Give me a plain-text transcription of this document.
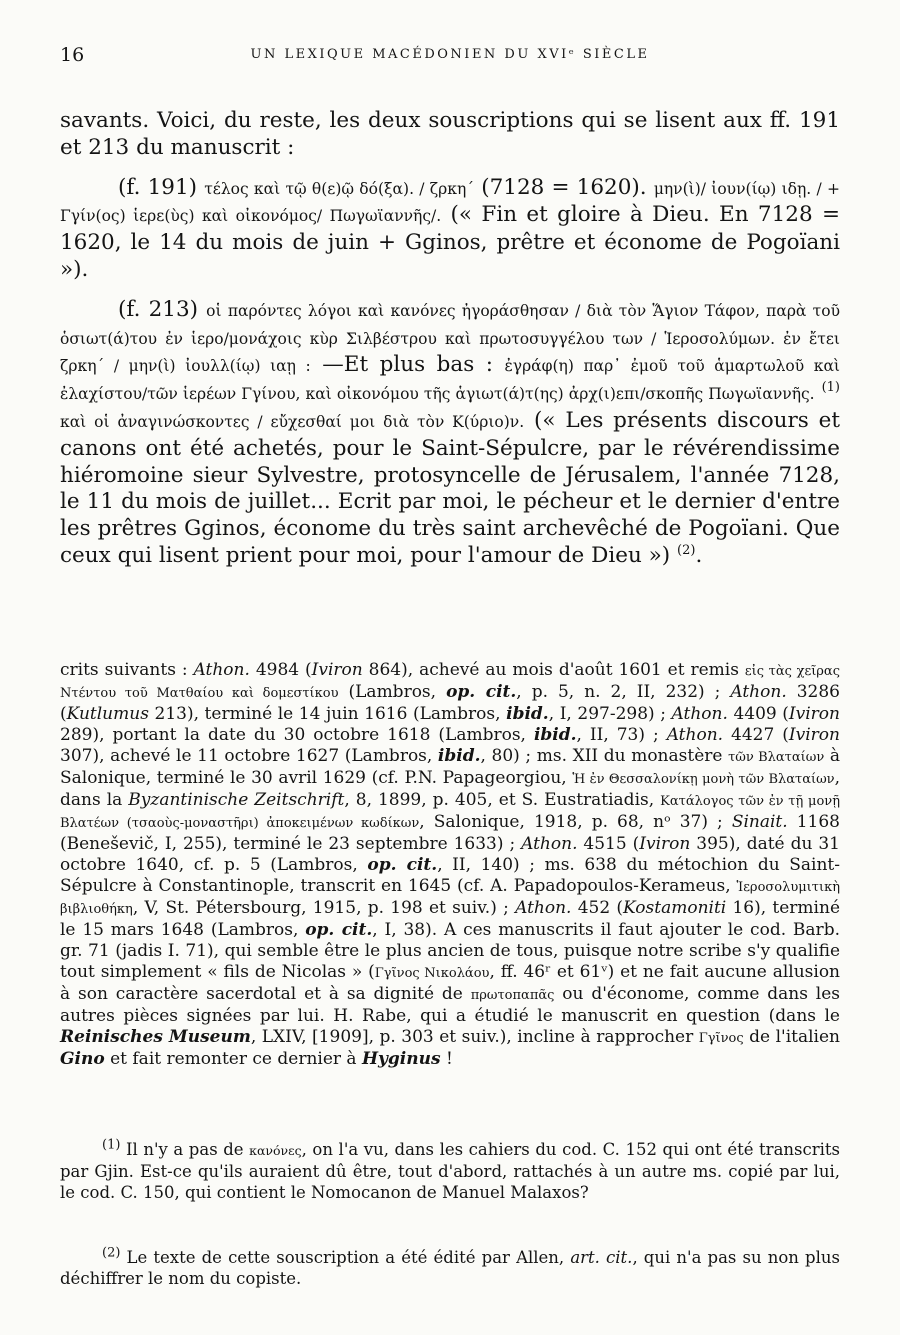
16	UN LEXIQUE MACÉDONIEN DU XVIᵉ SIÈCLE

savants. Voici, du reste, les deux souscriptions qui se lisent aux ff. 191 et 213 du manuscrit :

(f. 191) τέλος καὶ τῷ θ(ε)ῷ δό(ξα). / ζρκη΄ (7128 = 1620). μην(ὶ)/ ἰουν(ίῳ) ιδῃ. / + Γγίν(ος) ἱερε(ὺς) καὶ οἰκονόμος/ Πωγωϊαννῆς/. (« Fin et gloire à Dieu. En 7128 = 1620, le 14 du mois de juin + Gginos, prêtre et économe de Pogoïani »).

(f. 213) οἱ παρόντες λόγοι καὶ κανόνες ἠγοράσθησαν / διὰ τὸν Ἅγιον Τάφον, παρὰ τοῦ ὁσιωτ(ά)του ἐν ἱερο/μονάχοις κὺρ Σιλβέστρου καὶ πρωτοσυγγέλου των / Ἱεροσολύμων. ἐν ἔτει ζρκη΄ / μην(ὶ) ἰουλλ(ίῳ) ιαῃ : —Et plus bas : ἐγράφ(η) παρ᾽ ἐμοῦ τοῦ ἁμαρτωλοῦ καὶ ἐλαχίστου/τῶν ἱερέων Γγίνου, καὶ οἰκονόμου τῆς ἁγιωτ(ά)τ(ης) ἀρχ(ι)επι/σκοπῆς Πωγωϊαννῆς. $^{(1)}$ καὶ οἱ ἀναγινώσκοντες / εὔχεσθαί μοι διὰ τὸν Κ(ύριο)ν. (« Les présents discours et canons ont été achetés, pour le Saint-Sépulcre, par le révérendissime hiéromoine sieur Sylvestre, protosyncelle de Jérusalem, l'année 7128, le 11 du mois de juillet... Ecrit par moi, le pécheur et le dernier d'entre les prêtres Gginos, économe du très saint archevêché de Pogoïani. Que ceux qui lisent prient pour moi, pour l'amour de Dieu ») $^{(2)}$.

crits suivants : Athon. 4984 (Iviron 864), achevé au mois d'août 1601 et remis εἰς τὰς χεῖρας Ντέντου τοῦ Ματθαίου καὶ δομεστίκου (Lambros, op. cit., p. 5, n. 2, II, 232) ; Athon. 3286 (Kutlumus 213), terminé le 14 juin 1616 (Lambros, ibid., I, 297-298) ; Athon. 4409 (Iviron 289), portant la date du 30 octobre 1618 (Lambros, ibid., II, 73) ; Athon. 4427 (Iviron 307), achevé le 11 octobre 1627 (Lambros, ibid., 80) ; ms. XII du monastère τῶν Βλαταίων à Salonique, terminé le 30 avril 1629 (cf. P.N. Papageorgiou, Ἡ ἐν Θεσσαλονίκῃ μονὴ τῶν Βλαταίων, dans la Byzantinische Zeitschrift, 8, 1899, p. 405, et S. Eustratiadis, Κατάλογος τῶν ἐν τῇ μονῇ Βλατέων (τσαοὺς-μοναστῆρι) ἀποκειμένων κωδίκων, Salonique, 1918, p. 68, nᵒ 37) ; Sinait. 1168 (Beneševič, I, 255), terminé le 23 septembre 1633) ; Athon. 4515 (Iviron 395), daté du 31 octobre 1640, cf. p. 5 (Lambros, op. cit., II, 140) ; ms. 638 du métochion du Saint-Sépulcre à Constantinople, transcrit en 1645 (cf. A. Papadopoulos-Kerameus, Ἱεροσολυμιτικὴ βιβλιοθήκη, V, St. Pétersbourg, 1915, p. 198 et suiv.) ; Athon. 452 (Kostamoniti 16), terminé le 15 mars 1648 (Lambros, op. cit., I, 38). A ces manuscrits il faut ajouter le cod. Barb. gr. 71 (jadis I. 71), qui semble être le plus ancien de tous, puisque notre scribe s'y qualifie tout simplement « fils de Nicolas » (Γγῖνος Νικολάου, ff. 46ʳ et 61ᵛ) et ne fait aucune allusion à son caractère sacerdotal et à sa dignité de πρωτοπαπᾶς ou d'économe, comme dans les autres pièces signées par lui. H. Rabe, qui a étudié le manuscrit en question (dans le Reinisches Museum, LXIV, [1909], p. 303 et suiv.), incline à rapprocher Γγῖνος de l'italien Gino et fait remonter ce dernier à Hyginus !

$^{(1)}$ Il n'y a pas de κανόνες, on l'a vu, dans les cahiers du cod. C. 152 qui ont été transcrits par Gjin. Est-ce qu'ils auraient dû être, tout d'abord, rattachés à un autre ms. copié par lui, le cod. C. 150, qui contient le Nomocanon de Manuel Malaxos?

$^{(2)}$ Le texte de cette souscription a été édité par Allen, art. cit., qui n'a pas su non plus déchiffrer le nom du copiste.
